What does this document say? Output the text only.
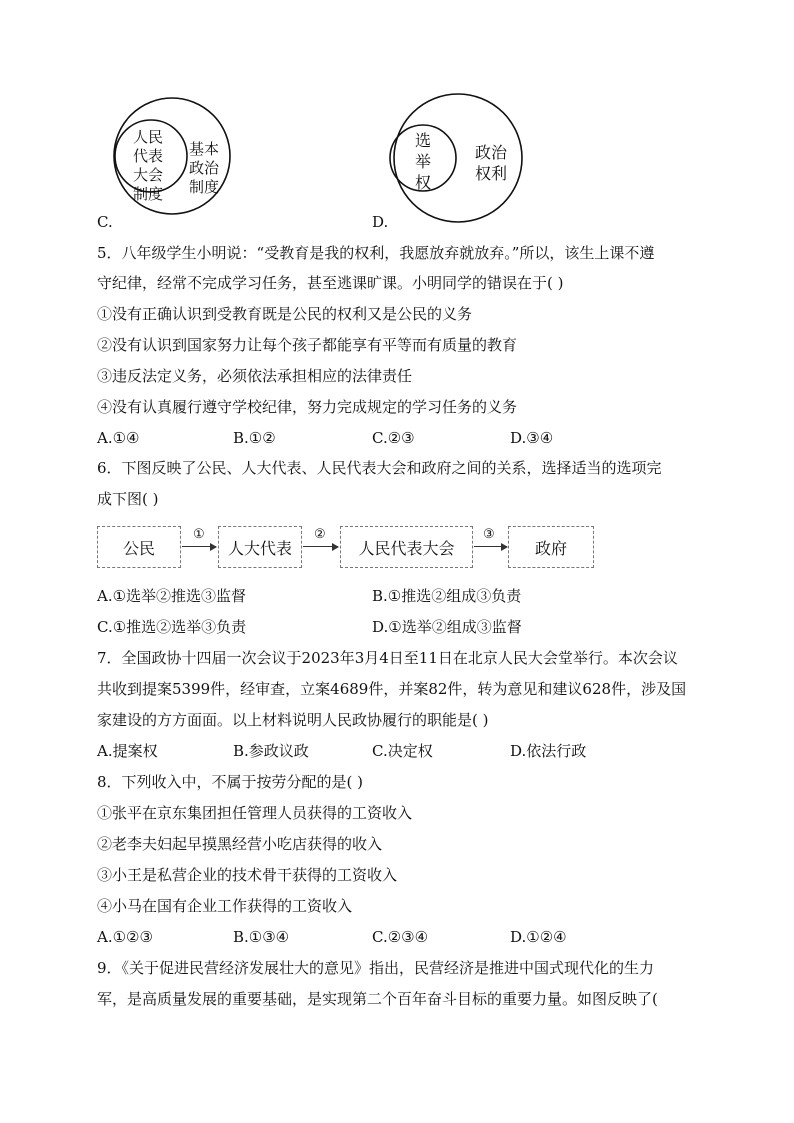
人民
代表
大会
制度
基本
政治
制度
C.
选
举
权
政治
权利
D.
5．八年级学生小明说：“受教育是我的权利，我愿放弃就放弃。”所以，该生上课不遵
守纪律，经常不完成学习任务，甚至逃课旷课。小明同学的错误在于( )
①没有正确认识到受教育既是公民的权利又是公民的义务
②没有认识到国家努力让每个孩子都能享有平等而有质量的教育
③违反法定义务，必须依法承担相应的法律责任
④没有认真履行遵守学校纪律，努力完成规定的学习任务的义务
A.①④	B.①②	C.②③	D.③④
6．下图反映了公民、人大代表、人民代表大会和政府之间的关系，选择适当的选项完
成下图( )
公民
①
人大代表
②
人民代表大会
③
政府
A.①选举②推选③监督	B.①推选②组成③负责
C.①推选②选举③负责	D.①选举②组成③监督
7．全国政协十四届一次会议于2023年3月4日至11日在北京人民大会堂举行。本次会议
共收到提案5399件，经审查，立案4689件，并案82件，转为意见和建议628件，涉及国
家建设的方方面面。以上材料说明人民政协履行的职能是( )
A.提案权	B.参政议政	C.决定权	D.依法行政
8．下列收入中，不属于按劳分配的是( )
①张平在京东集团担任管理人员获得的工资收入
②老李夫妇起早摸黑经营小吃店获得的收入
③小王是私营企业的技术骨干获得的工资收入
④小马在国有企业工作获得的工资收入
A.①②③	B.①③④	C.②③④	D.①②④
9．《关于促进民营经济发展壮大的意见》指出，民营经济是推进中国式现代化的生力
军，是高质量发展的重要基础，是实现第二个百年奋斗目标的重要力量。如图反映了(
